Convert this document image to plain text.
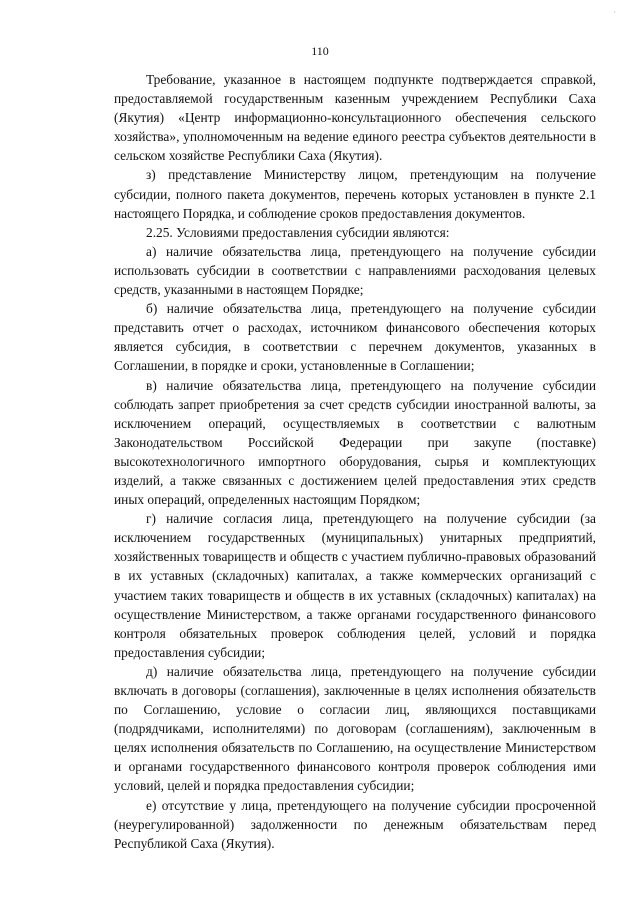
·
110

Требование, указанное в настоящем подпункте подтверждается справкой, предоставляемой государственным казенным учреждением Республики Саха (Якутия) «Центр информационно-консультационного обеспечения сельского хозяйства», уполномоченным на ведение единого реестра субъектов деятельности в сельском хозяйстве Республики Саха (Якутия).

з) представление Министерству лицом, претендующим на получение субсидии, полного пакета документов, перечень которых установлен в пункте 2.1 настоящего Порядка, и соблюдение сроков предоставления документов.

2.25. Условиями предоставления субсидии являются:

а) наличие обязательства лица, претендующего на получение субсидии использовать субсидии в соответствии с направлениями расходования целевых средств, указанными в настоящем Порядке;

б) наличие обязательства лица, претендующего на получение субсидии представить отчет о расходах, источником финансового обеспечения которых является субсидия, в соответствии с перечнем документов, указанных в Соглашении, в порядке и сроки, установленные в Соглашении;

в) наличие обязательства лица, претендующего на получение субсидии соблюдать запрет приобретения за счет средств субсидии иностранной валюты, за исключением операций, осуществляемых в соответствии с валютным Законодательством Российской Федерации при закупе (поставке) высокотехнологичного импортного оборудования, сырья и комплектующих изделий, а также связанных с достижением целей предоставления этих средств иных операций, определенных настоящим Порядком;

г) наличие согласия лица, претендующего на получение субсидии (за исключением государственных (муниципальных) унитарных предприятий, хозяйственных товариществ и обществ с участием публично-правовых образований в их уставных (складочных) капиталах, а также коммерческих организаций с участием таких товариществ и обществ в их уставных (складочных) капиталах) на осуществление Министерством, а также органами государственного финансового контроля обязательных проверок соблюдения целей, условий и порядка предоставления субсидии;

д) наличие обязательства лица, претендующего на получение субсидии включать в договоры (соглашения), заключенные в целях исполнения обязательств по Соглашению, условие о согласии лиц, являющихся поставщиками (подрядчиками, исполнителями) по договорам (соглашениям), заключенным в целях исполнения обязательств по Соглашению, на осуществление Министерством и органами государственного финансового контроля проверок соблюдения ими условий, целей и порядка предоставления субсидии;

е) отсутствие у лица, претендующего на получение субсидии просроченной (неурегулированной) задолженности по денежным обязательствам перед Республикой Саха (Якутия).
